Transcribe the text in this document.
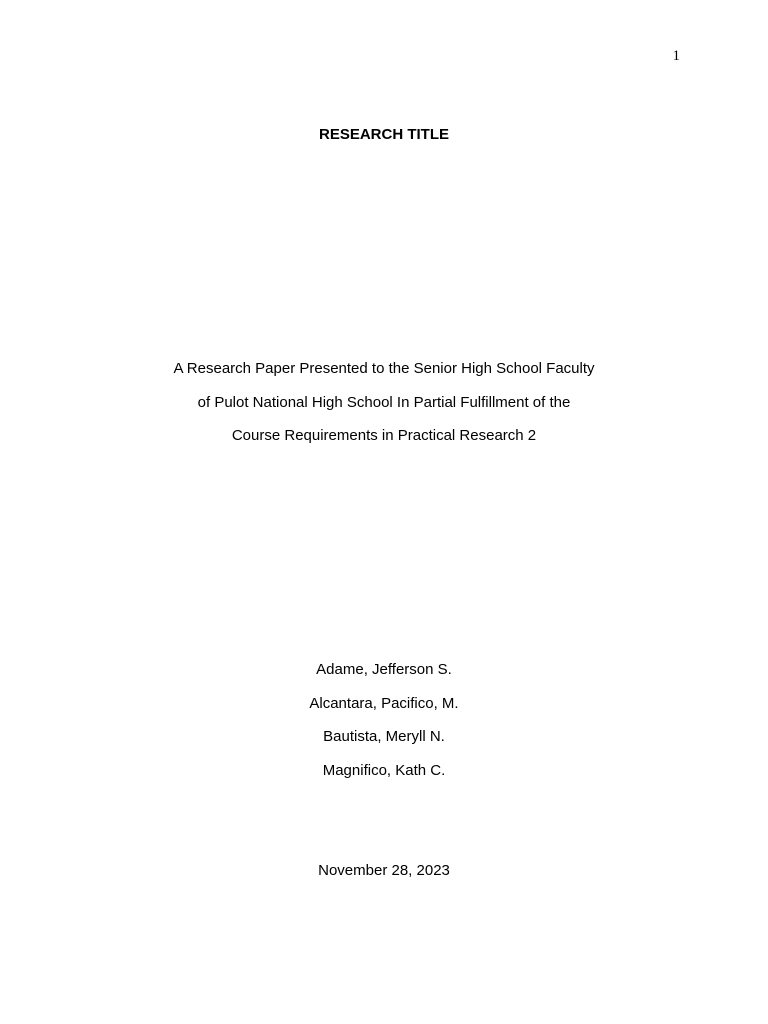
1
RESEARCH TITLE
A Research Paper Presented to the Senior High School Faculty
of Pulot National High School In Partial Fulfillment of the
Course Requirements in Practical Research 2
Adame, Jefferson S.
Alcantara, Pacifico, M.
Bautista, Meryll N.
Magnifico, Kath C.
November 28, 2023
